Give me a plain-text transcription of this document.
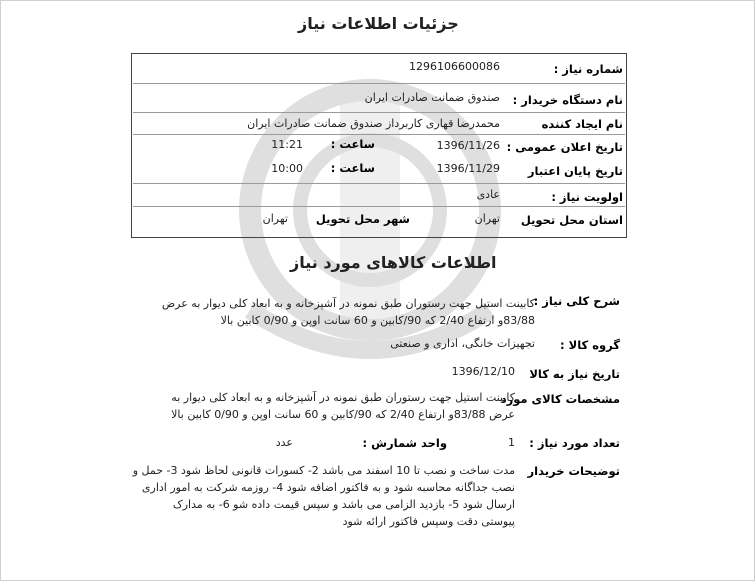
جزئیات اطلاعات نیاز
شماره نیاز :
1296106600086
نام دستگاه خریدار :
صندوق ضمانت صادرات ایران
نام ایجاد کننده
محمدرضا قهاری کاربرداز صندوق ضمانت صادرات ایران
تاریخ اعلان عمومی :
1396/11/26
ساعت :
11:21
تاریخ پایان اعتبار
1396/11/29
ساعت :
10:00
اولویت نیاز :
عادی
استان محل تحویل
تهران
شهر محل تحویل
تهران
اطلاعات کالاهای مورد نیاز
شرح کلی نیاز :
کابینت استیل جهت رستوران طبق نمونه در آشپزخانه و به ابعاد کلی دیوار به عرض
83/88و ارتفاع 2/40 که 90/کابین و 60 سانت اوپن و 0/90 کابین بالا
گروه کالا :
تجهیزات خانگی، اداری و صنعتی
تاریخ نیاز به کالا
1396/12/10
مشخصات کالای مورد
کابینت استیل جهت رستوران طبق نمونه در آشپزخانه و به ابعاد کلی دیوار به
عرض 83/88و ارتفاع 2/40 که 90/کابین و 60 سانت اوپن و 0/90 کابین بالا
تعداد مورد نیاز :
1
واحد شمارش :
عدد
توضیحات خریدار
مدت ساخت و نصب تا 10 اسفند می باشد 2- کسورات قانونی لحاظ شود 3- حمل و
نصب جداگانه محاسبه شود و به فاکتور اضافه شود 4- روزمه شرکت به امور اداری
ارسال شود 5- بازدید الزامی می باشد و سپس قیمت داده شو 6- به مدارک
پیوستی دقت وسپس فاکتور ارائه شود
